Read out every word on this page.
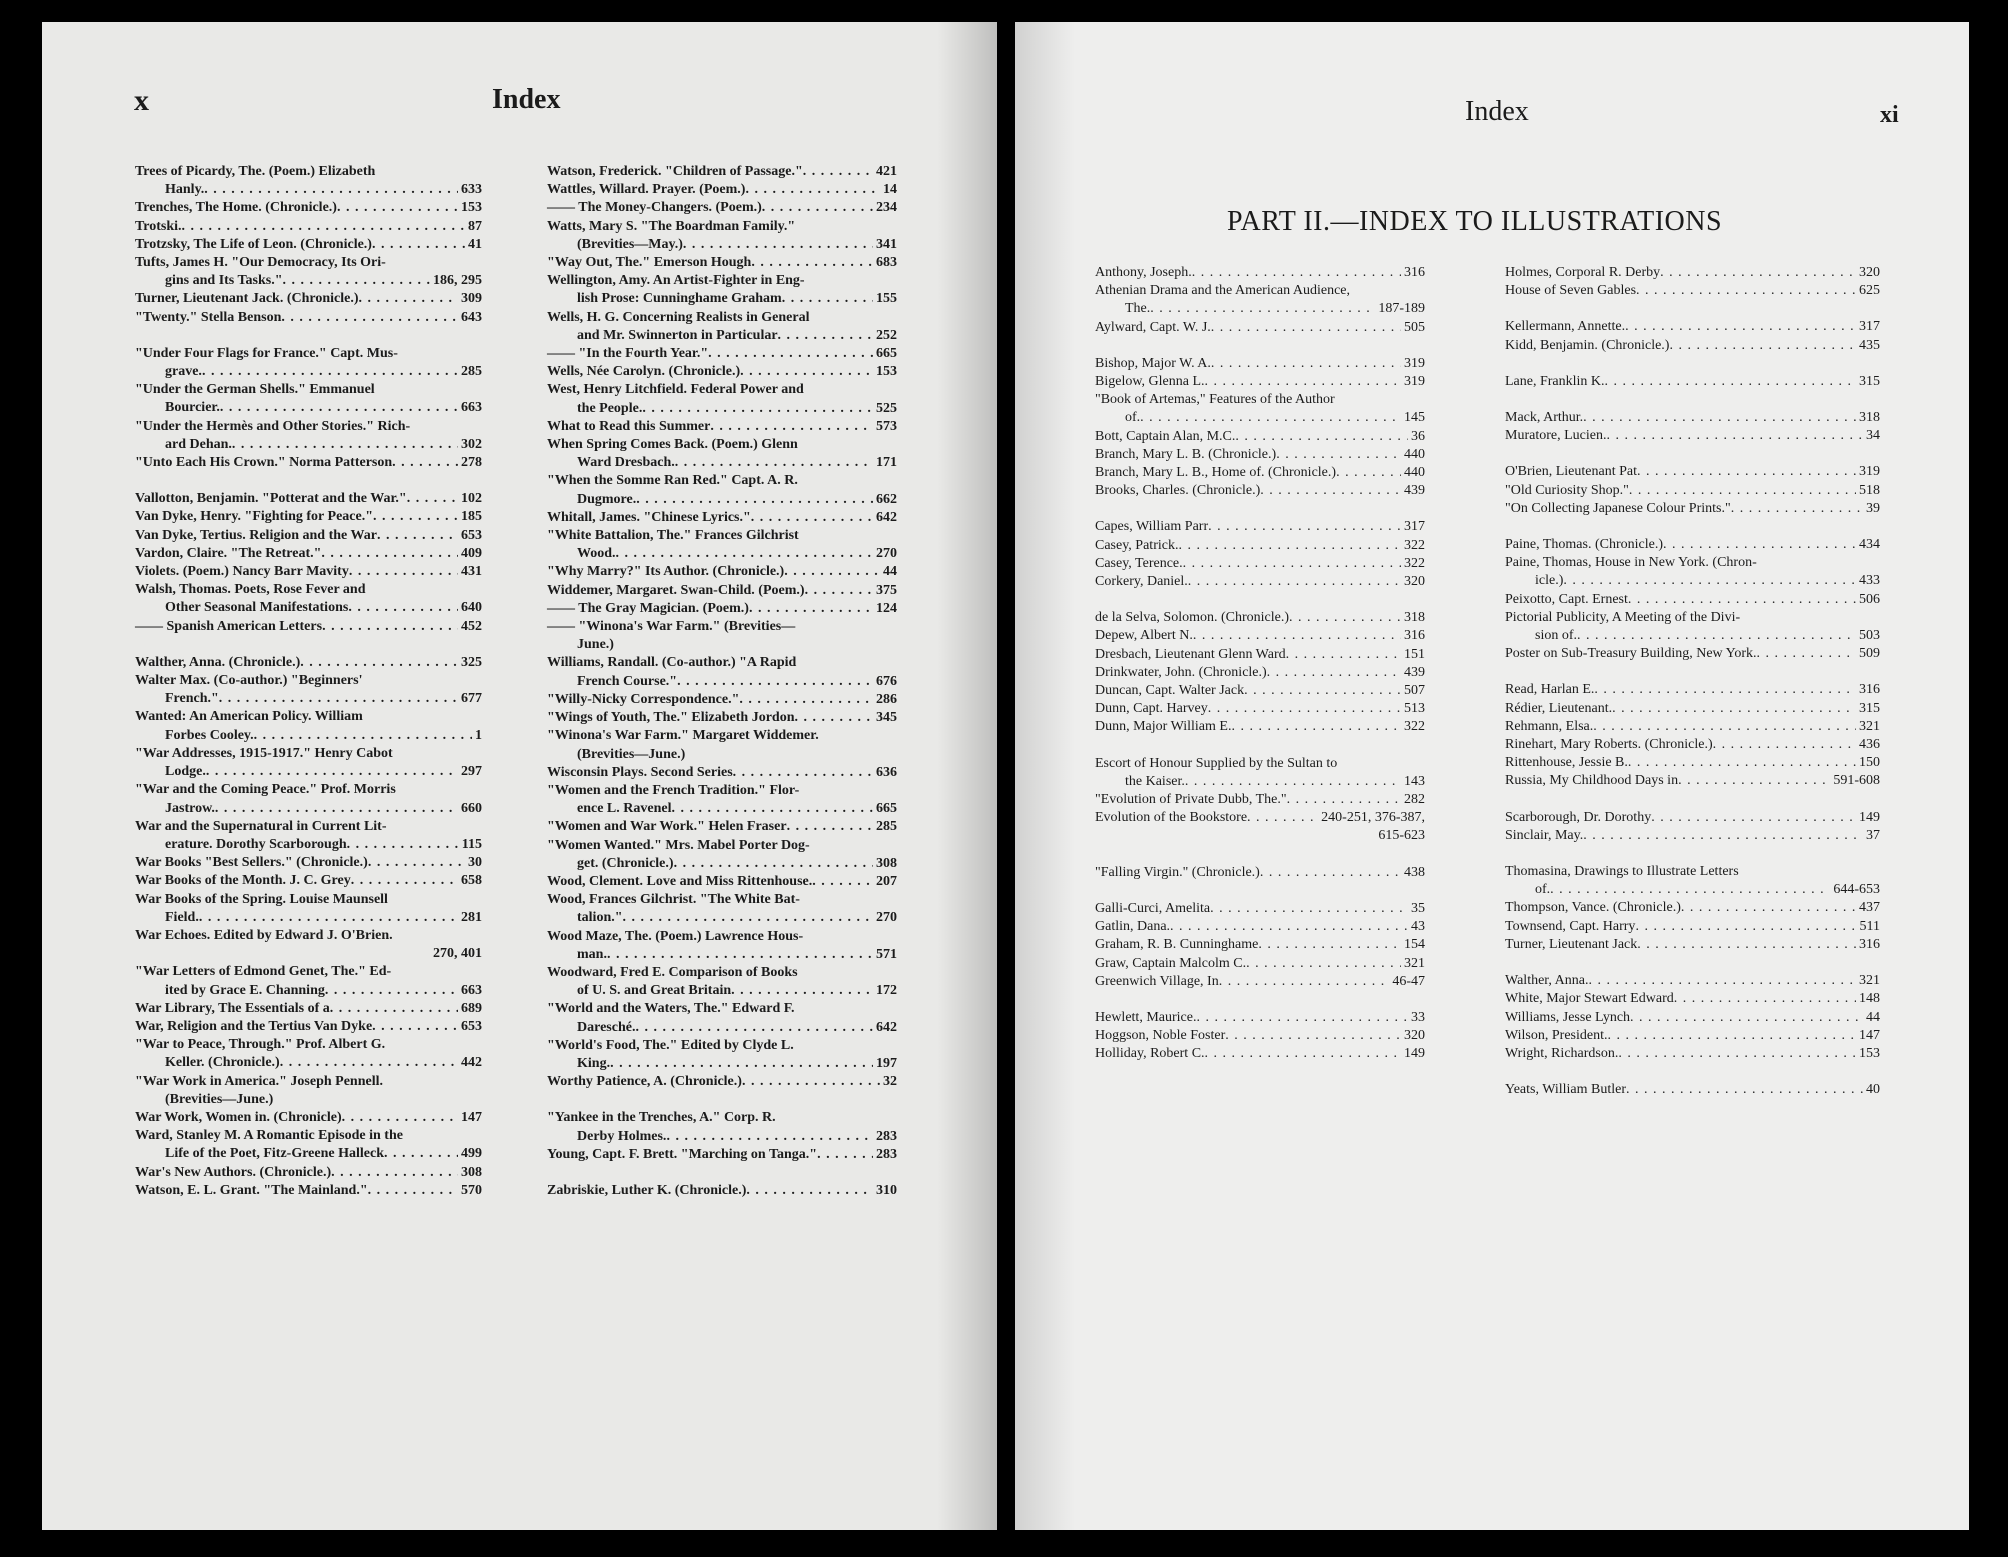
x	Index
Trees of Picardy, The. (Poem.) Elizabeth
Hanly. . . .	633
Trenches, The Home. (Chronicle.) . . .	153
Trotski. . . .	87
Trotzsky, The Life of Leon. (Chronicle.) . . .	41
Tufts, James H. "Our Democracy, Its Ori-
gins and Its Tasks." . . .	186, 295
Turner, Lieutenant Jack. (Chronicle.) . . .	309
"Twenty." Stella Benson . . .	643
"Under Four Flags for France." Capt. Mus-
grave. . . .	285
"Under the German Shells." Emmanuel
Bourcier. . . .	663
"Under the Hermès and Other Stories." Rich-
ard Dehan. . . .	302
"Unto Each His Crown." Norma Patterson . . .	278
Vallotton, Benjamin. "Potterat and the War." . . .	102
Van Dyke, Henry. "Fighting for Peace." . . .	185
Van Dyke, Tertius. Religion and the War . . .	653
Vardon, Claire. "The Retreat." . . .	409
Violets. (Poem.) Nancy Barr Mavity . . .	431
Walsh, Thomas. Poets, Rose Fever and
Other Seasonal Manifestations . . .	640
—— Spanish American Letters . . .	452
Walther, Anna. (Chronicle.) . . .	325
Walter Max. (Co-author.) "Beginners'
French." . . .	677
Wanted: An American Policy. William
Forbes Cooley. . . .	1
"War Addresses, 1915-1917." Henry Cabot
Lodge. . . .	297
"War and the Coming Peace." Prof. Morris
Jastrow. . . .	660
War and the Supernatural in Current Lit-
erature. Dorothy Scarborough . . .	115
War Books "Best Sellers." (Chronicle.) . . .	30
War Books of the Month. J. C. Grey . . .	658
War Books of the Spring. Louise Maunsell
Field. . . .	281
War Echoes. Edited by Edward J. O'Brien.
270, 401
"War Letters of Edmond Genet, The." Ed-
ited by Grace E. Channing . . .	663
War Library, The Essentials of a . . .	689
War, Religion and the Tertius Van Dyke . . .	653
"War to Peace, Through." Prof. Albert G.
Keller. (Chronicle.) . . .	442
"War Work in America." Joseph Pennell.
(Brevities—June.)
War Work, Women in. (Chronicle) . . .	147
Ward, Stanley M. A Romantic Episode in the
Life of the Poet, Fitz-Greene Halleck . . .	499
War's New Authors. (Chronicle.) . . .	308
Watson, E. L. Grant. "The Mainland." . . .	570
Watson, Frederick. "Children of Passage." . . .	421
Wattles, Willard. Prayer. (Poem.) . . .	14
—— The Money-Changers. (Poem.) . . .	234
Watts, Mary S. "The Boardman Family."
(Brevities—May.) . . .	341
"Way Out, The." Emerson Hough . . .	683
Wellington, Amy. An Artist-Fighter in Eng-
lish Prose: Cunninghame Graham . . .	155
Wells, H. G. Concerning Realists in General
and Mr. Swinnerton in Particular . . .	252
—— "In the Fourth Year." . . .	665
Wells, Née Carolyn. (Chronicle.) . . .	153
West, Henry Litchfield. Federal Power and
the People. . . .	525
What to Read this Summer . . .	573
When Spring Comes Back. (Poem.) Glenn
Ward Dresbach. . . .	171
"When the Somme Ran Red." Capt. A. R.
Dugmore. . . .	662
Whitall, James. "Chinese Lyrics." . . .	642
"White Battalion, The." Frances Gilchrist
Wood. . . .	270
"Why Marry?" Its Author. (Chronicle.) . . .	44
Widdemer, Margaret. Swan-Child. (Poem.) . . .	375
—— The Gray Magician. (Poem.) . . .	124
—— "Winona's War Farm." (Brevities—
June.)
Williams, Randall. (Co-author.) "A Rapid
French Course." . . .	676
"Willy-Nicky Correspondence." . . .	286
"Wings of Youth, The." Elizabeth Jordon . . .	345
"Winona's War Farm." Margaret Widdemer.
(Brevities—June.)
Wisconsin Plays. Second Series . . .	636
"Women and the French Tradition." Flor-
ence L. Ravenel . . .	665
"Women and War Work." Helen Fraser . . .	285
"Women Wanted." Mrs. Mabel Porter Dog-
get. (Chronicle.) . . .	308
Wood, Clement. Love and Miss Rittenhouse. . . .	207
Wood, Frances Gilchrist. "The White Bat-
talion." . . .	270
Wood Maze, The. (Poem.) Lawrence Hous-
man. . . .	571
Woodward, Fred E. Comparison of Books
of U. S. and Great Britain . . .	172
"World and the Waters, The." Edward F.
Daresché. . . .	642
"World's Food, The." Edited by Clyde L.
King. . . .	197
Worthy Patience, A. (Chronicle.) . . .	32
"Yankee in the Trenches, A." Corp. R.
Derby Holmes. . . .	283
Young, Capt. F. Brett. "Marching on Tanga." . . .	283
Zabriskie, Luther K. (Chronicle.) . . .	310
Index	xi
PART II.—INDEX TO ILLUSTRATIONS
Anthony, Joseph. . . .	316
Athenian Drama and the American Audience,
The. . . .	187-189
Aylward, Capt. W. J. . . .	505
Bishop, Major W. A. . . .	319
Bigelow, Glenna L. . . .	319
"Book of Artemas," Features of the Author
of. . . .	145
Bott, Captain Alan, M.C. . . .	36
Branch, Mary L. B. (Chronicle.) . . .	440
Branch, Mary L. B., Home of. (Chronicle.) . . .	440
Brooks, Charles. (Chronicle.) . . .	439
Capes, William Parr . . .	317
Casey, Patrick. . . .	322
Casey, Terence. . . .	322
Corkery, Daniel. . . .	320
de la Selva, Solomon. (Chronicle.) . . .	318
Depew, Albert N. . . .	316
Dresbach, Lieutenant Glenn Ward . . .	151
Drinkwater, John. (Chronicle.) . . .	439
Duncan, Capt. Walter Jack . . .	507
Dunn, Capt. Harvey . . .	513
Dunn, Major William E. . . .	322
Escort of Honour Supplied by the Sultan to
the Kaiser. . . .	143
"Evolution of Private Dubb, The." . . .	282
Evolution of the Bookstore . . .	240-251, 376-387,
615-623
"Falling Virgin." (Chronicle.) . . .	438
Galli-Curci, Amelita . . .	35
Gatlin, Dana. . . .	43
Graham, R. B. Cunninghame . . .	154
Graw, Captain Malcolm C. . . .	321
Greenwich Village, In . . .	46-47
Hewlett, Maurice. . . .	33
Hoggson, Noble Foster . . .	320
Holliday, Robert C. . . .	149
Holmes, Corporal R. Derby . . .	320
House of Seven Gables . . .	625
Kellermann, Annette. . . .	317
Kidd, Benjamin. (Chronicle.) . . .	435
Lane, Franklin K. . . .	315
Mack, Arthur. . . .	318
Muratore, Lucien. . . .	34
O'Brien, Lieutenant Pat . . .	319
"Old Curiosity Shop." . . .	518
"On Collecting Japanese Colour Prints." . . .	39
Paine, Thomas. (Chronicle.) . . .	434
Paine, Thomas, House in New York. (Chron-
icle.) . . .	433
Peixotto, Capt. Ernest . . .	506
Pictorial Publicity, A Meeting of the Divi-
sion of. . . .	503
Poster on Sub-Treasury Building, New York. . . .	509
Read, Harlan E. . . .	316
Rédier, Lieutenant. . . .	315
Rehmann, Elsa. . . .	321
Rinehart, Mary Roberts. (Chronicle.) . . .	436
Rittenhouse, Jessie B. . . .	150
Russia, My Childhood Days in . . .	591-608
Scarborough, Dr. Dorothy . . .	149
Sinclair, May. . . .	37
Thomasina, Drawings to Illustrate Letters
of. . . .	644-653
Thompson, Vance. (Chronicle.) . . .	437
Townsend, Capt. Harry . . .	511
Turner, Lieutenant Jack . . .	316
Walther, Anna. . . .	321
White, Major Stewart Edward . . .	148
Williams, Jesse Lynch . . .	44
Wilson, President. . . .	147
Wright, Richardson. . . .	153
Yeats, William Butler . . .	40
